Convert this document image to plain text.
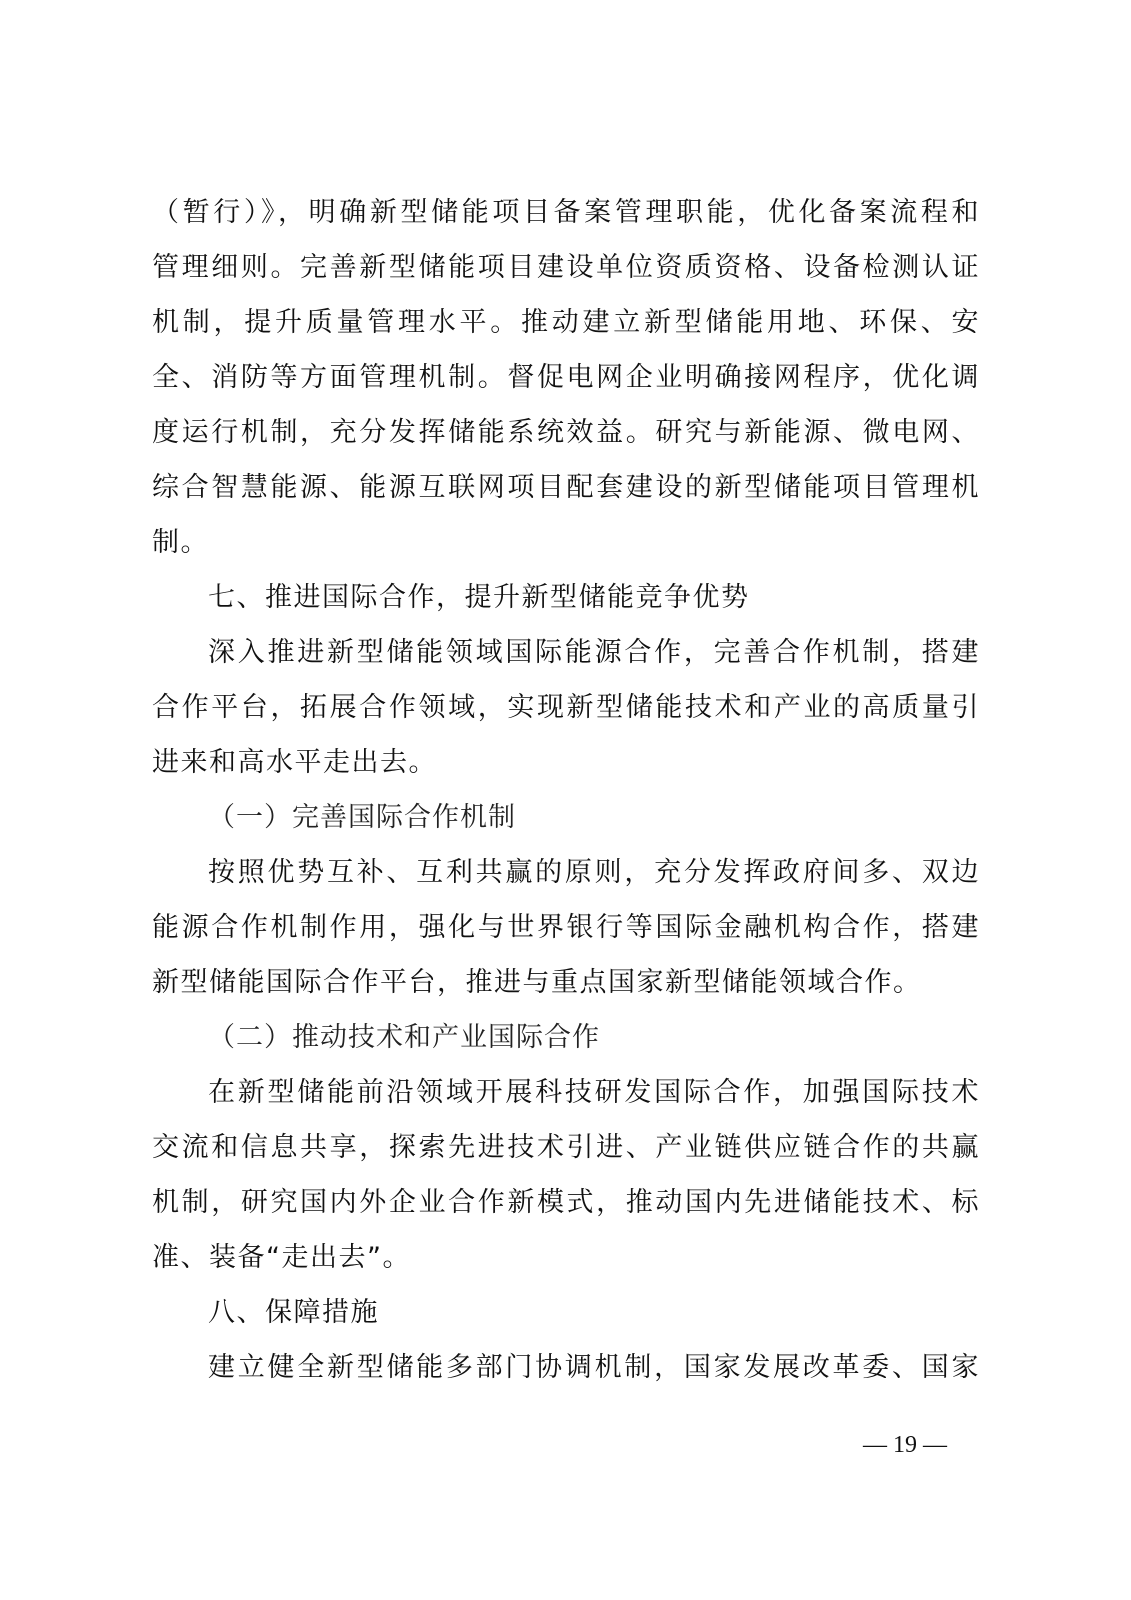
（暂行）》，明确新型储能项目备案管理职能，优化备案流程和
管理细则。完善新型储能项目建设单位资质资格、设备检测认证
机制，提升质量管理水平。推动建立新型储能用地、环保、安
全、消防等方面管理机制。督促电网企业明确接网程序，优化调
度运行机制，充分发挥储能系统效益。研究与新能源、微电网、
综合智慧能源、能源互联网项目配套建设的新型储能项目管理机
制。
七、推进国际合作，提升新型储能竞争优势
深入推进新型储能领域国际能源合作，完善合作机制，搭建
合作平台，拓展合作领域，实现新型储能技术和产业的高质量引
进来和高水平走出去。
（一）完善国际合作机制
按照优势互补、互利共赢的原则，充分发挥政府间多、双边
能源合作机制作用，强化与世界银行等国际金融机构合作，搭建
新型储能国际合作平台，推进与重点国家新型储能领域合作。
（二）推动技术和产业国际合作
在新型储能前沿领域开展科技研发国际合作，加强国际技术
交流和信息共享，探索先进技术引进、产业链供应链合作的共赢
机制，研究国内外企业合作新模式，推动国内先进储能技术、标
准、装备“走出去”。
八、保障措施
建立健全新型储能多部门协调机制，国家发展改革委、国家
— 19 —
